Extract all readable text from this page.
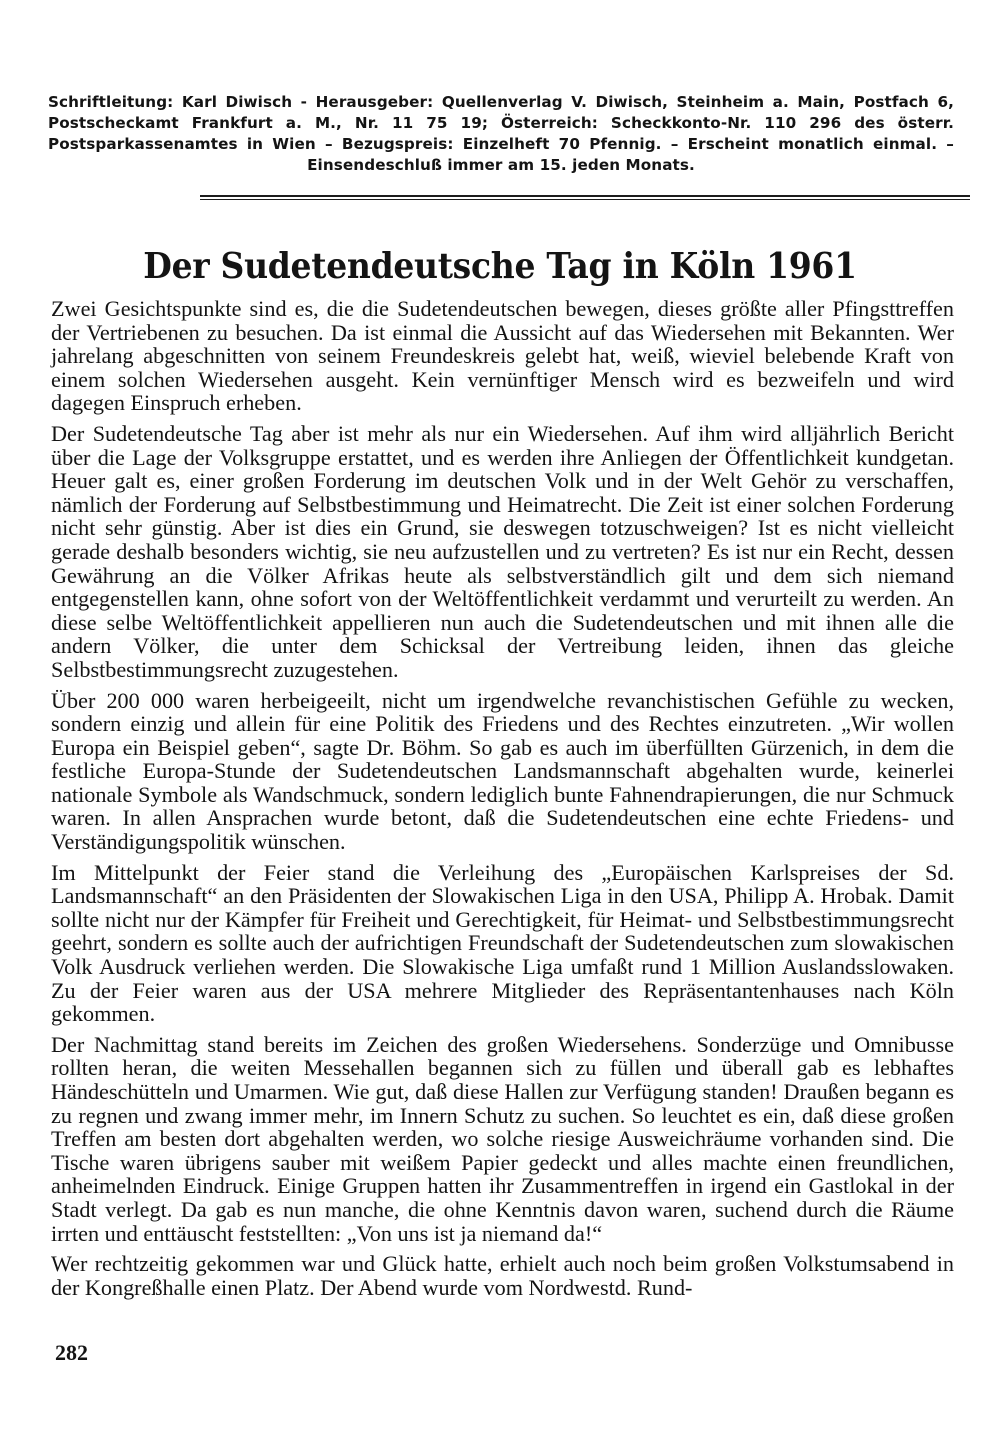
Schriftleitung: Karl Diwisch - Herausgeber: Quellenverlag V. Diwisch, Steinheim a. Main, Postfach 6, Postscheckamt Frankfurt a. M., Nr. 11 75 19; Österreich: Scheckkonto-Nr. 110 296 des österr. Postsparkassenamtes in Wien – Bezugspreis: Einzelheft 70 Pfennig. – Erscheint monatlich einmal. – Einsendeschluß immer am 15. jeden Monats.
Der Sudetendeutsche Tag in Köln 1961

Zwei Gesichtspunkte sind es, die die Sudetendeutschen bewegen, dieses größte aller Pfingsttreffen der Vertriebenen zu besuchen. Da ist einmal die Aussicht auf das Wiedersehen mit Bekannten. Wer jahrelang abgeschnitten von seinem Freundeskreis gelebt hat, weiß, wieviel belebende Kraft von einem solchen Wiedersehen ausgeht. Kein vernünftiger Mensch wird es bezweifeln und wird dagegen Einspruch erheben.

Der Sudetendeutsche Tag aber ist mehr als nur ein Wiedersehen. Auf ihm wird alljährlich Bericht über die Lage der Volksgruppe erstattet, und es werden ihre Anliegen der Öffentlichkeit kundgetan. Heuer galt es, einer großen Forderung im deutschen Volk und in der Welt Gehör zu verschaffen, nämlich der Forderung auf Selbstbestimmung und Heimatrecht. Die Zeit ist einer solchen Forderung nicht sehr günstig. Aber ist dies ein Grund, sie deswegen totzuschweigen? Ist es nicht vielleicht gerade deshalb besonders wichtig, sie neu aufzustellen und zu vertreten? Es ist nur ein Recht, dessen Gewährung an die Völker Afrikas heute als selbstverständlich gilt und dem sich niemand entgegenstellen kann, ohne sofort von der Weltöffentlichkeit verdammt und verurteilt zu werden. An diese selbe Weltöffentlichkeit appellieren nun auch die Sudetendeutschen und mit ihnen alle die andern Völker, die unter dem Schicksal der Vertreibung leiden, ihnen das gleiche Selbstbestimmungsrecht zuzugestehen.

Über 200 000 waren herbeigeeilt, nicht um irgendwelche revanchistischen Gefühle zu wecken, sondern einzig und allein für eine Politik des Friedens und des Rechtes einzutreten. „Wir wollen Europa ein Beispiel geben“, sagte Dr. Böhm. So gab es auch im überfüllten Gürzenich, in dem die festliche Europa-Stunde der Sudetendeutschen Landsmannschaft abgehalten wurde, keinerlei nationale Symbole als Wandschmuck, sondern lediglich bunte Fahnendrapierungen, die nur Schmuck waren. In allen Ansprachen wurde betont, daß die Sudetendeutschen eine echte Friedens- und Verständigungspolitik wünschen.

Im Mittelpunkt der Feier stand die Verleihung des „Europäischen Karlspreises der Sd. Landsmannschaft“ an den Präsidenten der Slowakischen Liga in den USA, Philipp A. Hrobak. Damit sollte nicht nur der Kämpfer für Freiheit und Gerechtigkeit, für Heimat- und Selbstbestimmungsrecht geehrt, sondern es sollte auch der aufrichtigen Freundschaft der Sudetendeutschen zum slowakischen Volk Ausdruck verliehen werden. Die Slowakische Liga umfaßt rund 1 Million Auslandsslowaken. Zu der Feier waren aus der USA mehrere Mitglieder des Repräsentantenhauses nach Köln gekommen.

Der Nachmittag stand bereits im Zeichen des großen Wiedersehens. Sonderzüge und Omnibusse rollten heran, die weiten Messehallen begannen sich zu füllen und überall gab es lebhaftes Händeschütteln und Umarmen. Wie gut, daß diese Hallen zur Verfügung standen! Draußen begann es zu regnen und zwang immer mehr, im Innern Schutz zu suchen. So leuchtet es ein, daß diese großen Treffen am besten dort abgehalten werden, wo solche riesige Ausweichräume vorhanden sind. Die Tische waren übrigens sauber mit weißem Papier gedeckt und alles machte einen freundlichen, anheimelnden Eindruck. Einige Gruppen hatten ihr Zusammentreffen in irgend ein Gastlokal in der Stadt verlegt. Da gab es nun manche, die ohne Kenntnis davon waren, suchend durch die Räume irrten und enttäuscht feststellten: „Von uns ist ja niemand da!“

Wer rechtzeitig gekommen war und Glück hatte, erhielt auch noch beim großen Volkstumsabend in der Kongreßhalle einen Platz. Der Abend wurde vom Nordwestd. Rund-

282
